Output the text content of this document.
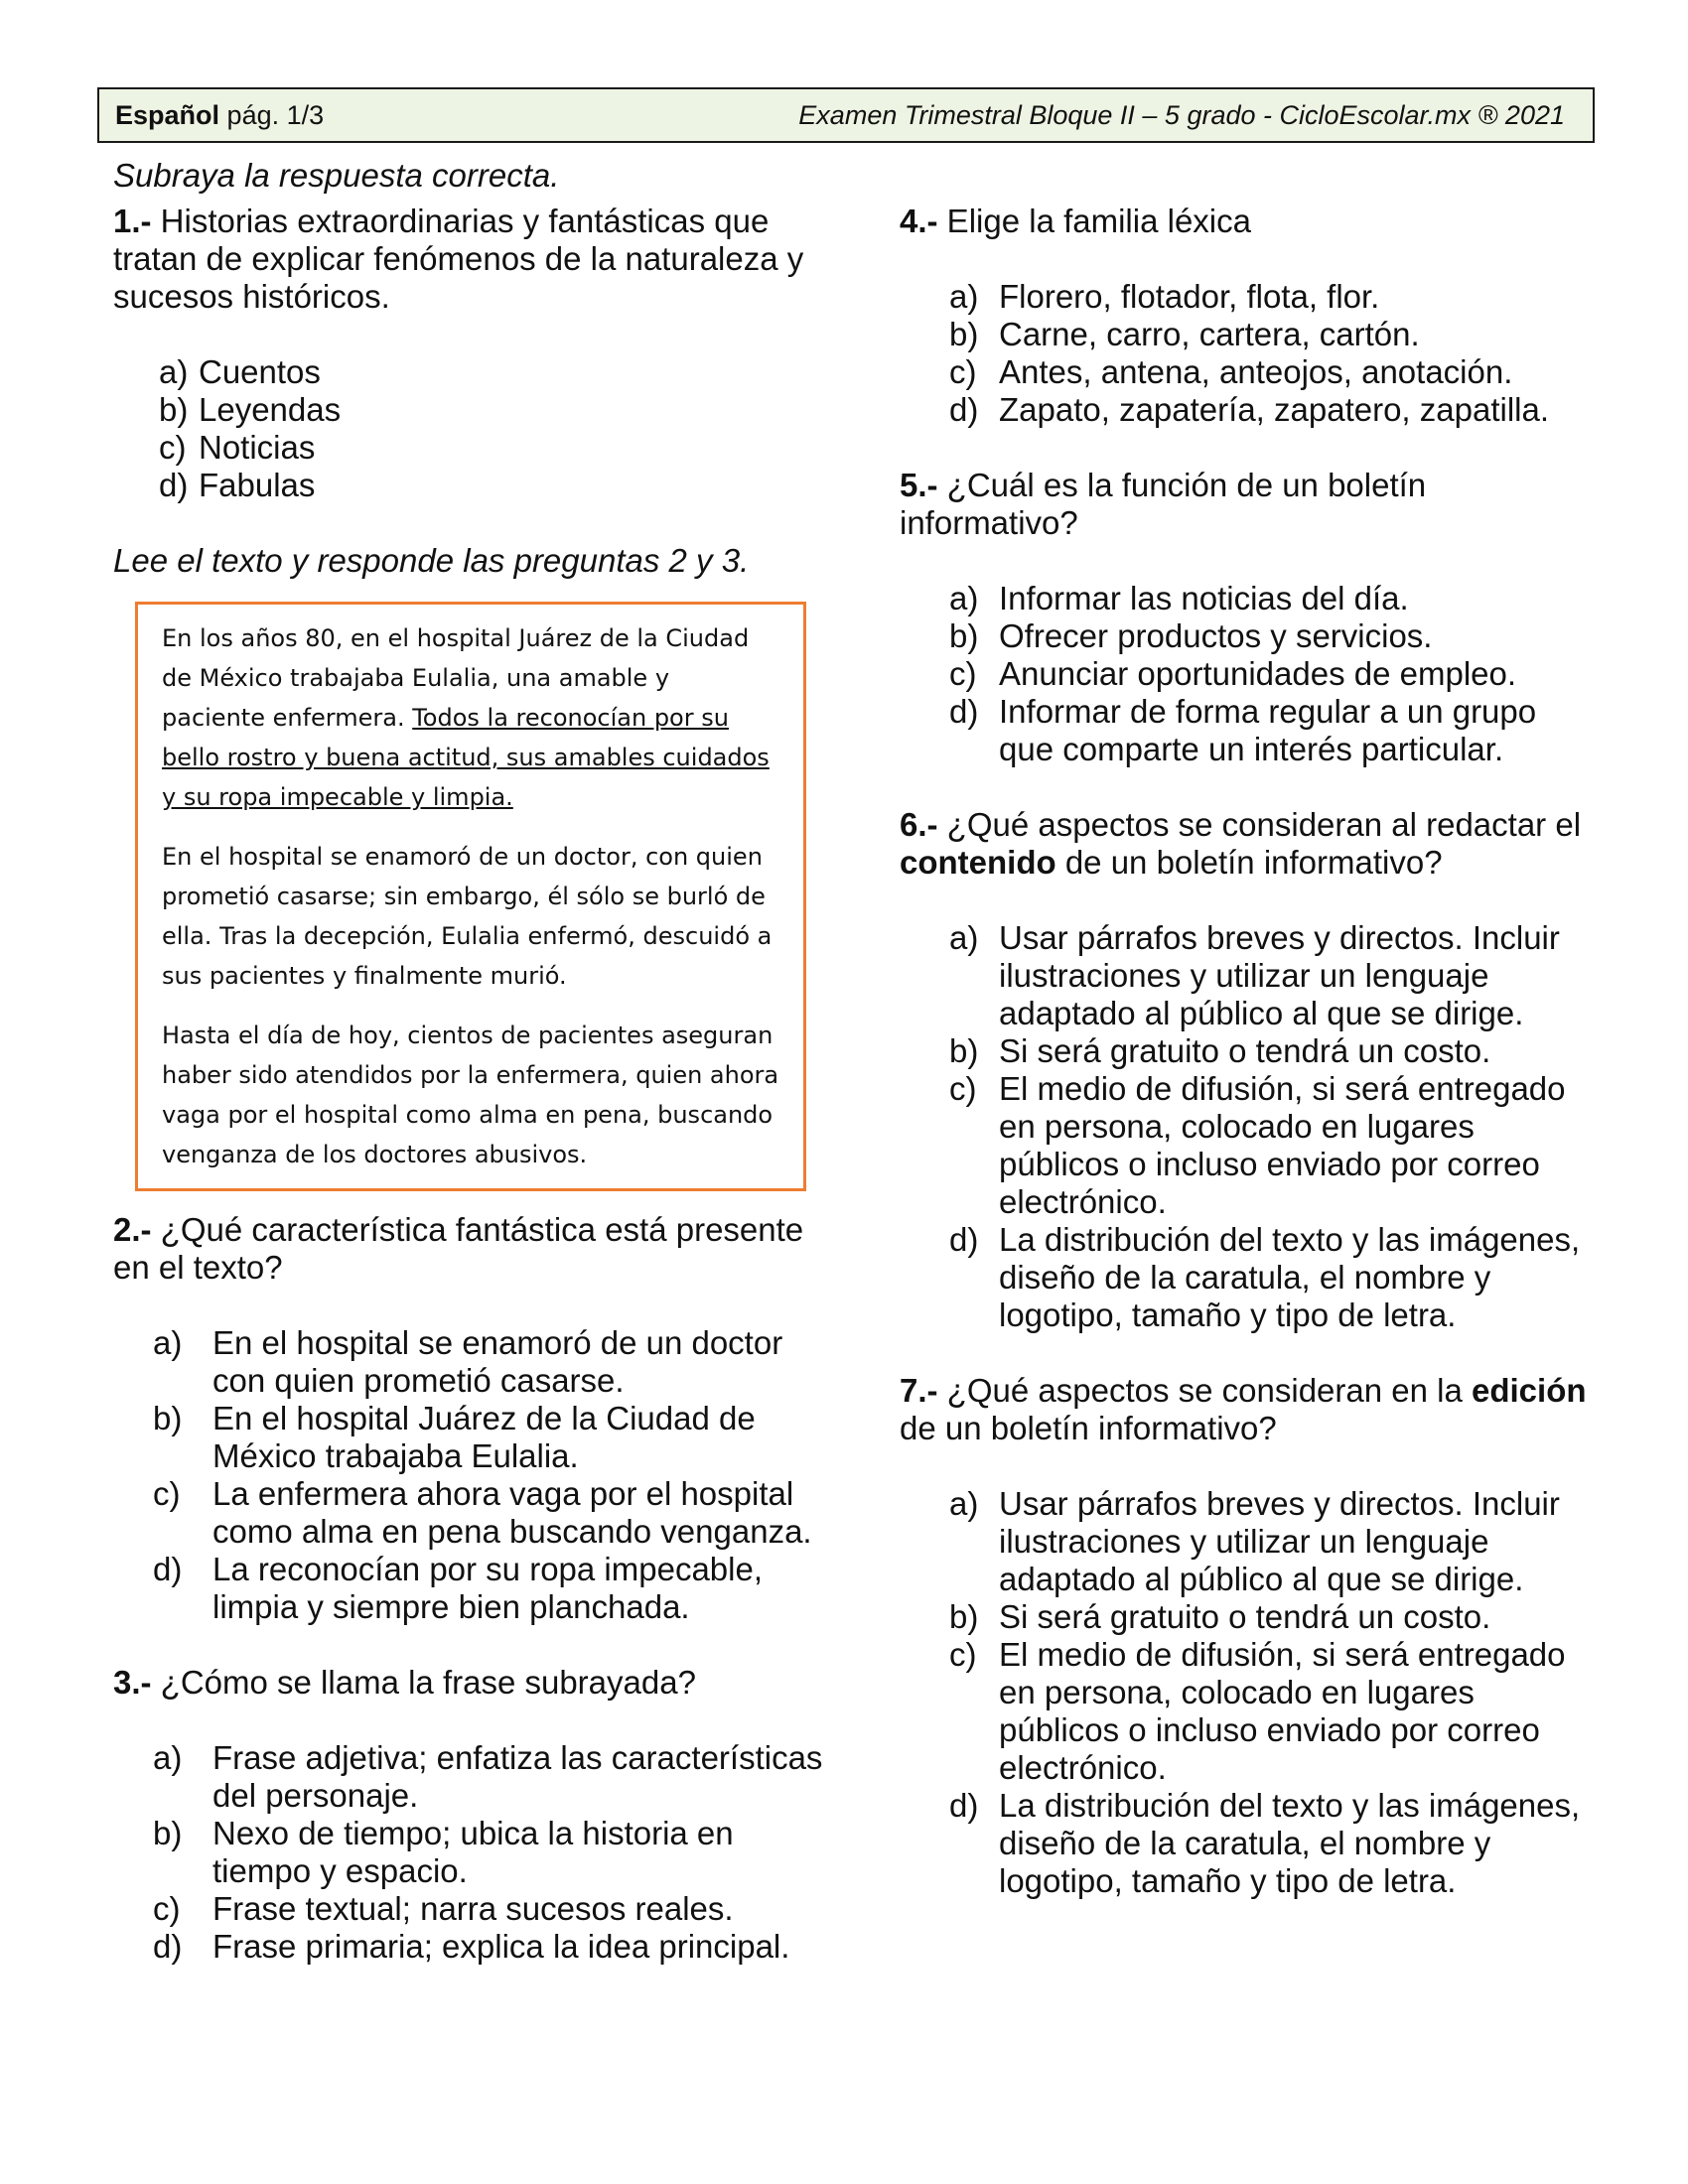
Español pág. 1/3	Examen Trimestral Bloque II – 5 grado - CicloEscolar.mx ® 2021
Subraya la respuesta correcta.

1.- Historias extraordinarias y fantásticas que tratan de explicar fenómenos de la naturaleza y sucesos históricos.

a) Cuentos
b) Leyendas
c) Noticias
d) Fabulas
Lee el texto y responde las preguntas 2 y 3.

En los años 80, en el hospital Juárez de la Ciudad de México trabajaba Eulalia, una amable y paciente enfermera. Todos la reconocían por su bello rostro y buena actitud, sus amables cuidados y su ropa impecable y limpia.

En el hospital se enamoró de un doctor, con quien prometió casarse; sin embargo, él sólo se burló de ella. Tras la decepción, Eulalia enfermó, descuidó a sus pacientes y finalmente murió.

Hasta el día de hoy, cientos de pacientes aseguran haber sido atendidos por la enfermera, quien ahora vaga por el hospital como alma en pena, buscando venganza de los doctores abusivos.

2.- ¿Qué característica fantástica está presente en el texto?

a) En el hospital se enamoró de un doctor con quien prometió casarse.
b) En el hospital Juárez de la Ciudad de México trabajaba Eulalia.
c) La enfermera ahora vaga por el hospital como alma en pena buscando venganza.
d) La reconocían por su ropa impecable, limpia y siempre bien planchada.

3.- ¿Cómo se llama la frase subrayada?

a) Frase adjetiva; enfatiza las características del personaje.
b) Nexo de tiempo; ubica la historia en tiempo y espacio.
c) Frase textual; narra sucesos reales.
d) Frase primaria; explica la idea principal.

4.- Elige la familia léxica

a) Florero, flotador, flota, flor.
b) Carne, carro, cartera, cartón.
c) Antes, antena, anteojos, anotación.
d) Zapato, zapatería, zapatero, zapatilla.

5.- ¿Cuál es la función de un boletín informativo?

a) Informar las noticias del día.
b) Ofrecer productos y servicios.
c) Anunciar oportunidades de empleo.
d) Informar de forma regular a un grupo que comparte un interés particular.

6.- ¿Qué aspectos se consideran al redactar el contenido de un boletín informativo?

a) Usar párrafos breves y directos. Incluir ilustraciones y utilizar un lenguaje adaptado al público al que se dirige.
b) Si será gratuito o tendrá un costo.
c) El medio de difusión, si será entregado en persona, colocado en lugares públicos o incluso enviado por correo electrónico.
d) La distribución del texto y las imágenes, diseño de la caratula, el nombre y logotipo, tamaño y tipo de letra.

7.- ¿Qué aspectos se consideran en la edición de un boletín informativo?

a) Usar párrafos breves y directos. Incluir ilustraciones y utilizar un lenguaje adaptado al público al que se dirige.
b) Si será gratuito o tendrá un costo.
c) El medio de difusión, si será entregado en persona, colocado en lugares públicos o incluso enviado por correo electrónico.
d) La distribución del texto y las imágenes, diseño de la caratula, el nombre y logotipo, tamaño y tipo de letra.
